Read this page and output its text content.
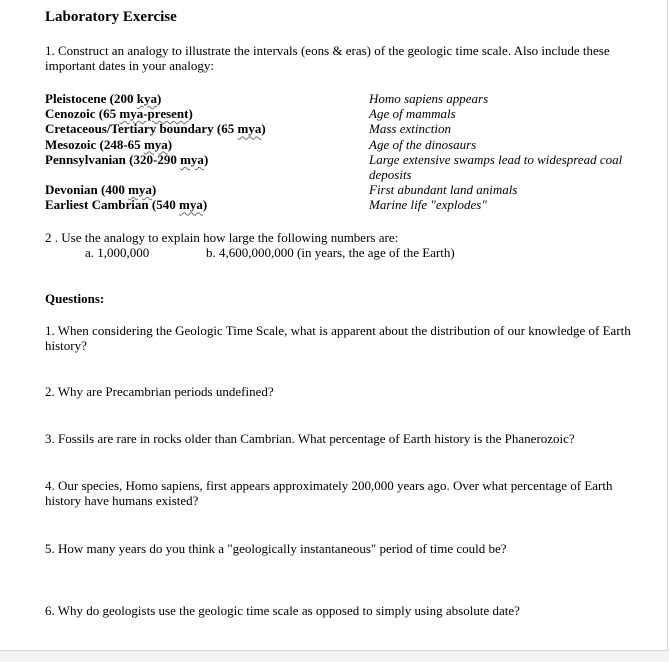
Laboratory Exercise
1. Construct an analogy to illustrate the intervals (eons & eras) of the geologic time scale. Also include these important dates in your analogy:
Pleistocene (200 kya)
Cenozoic (65 mya-present)
Cretaceous/Tertiary boundary (65 mya)
Mesozoic (248-65 mya)
Pennsylvanian (320-290 mya)
Devonian (400 mya)
Earliest Cambrian (540 mya)
Homo sapiens appears
Age of mammals
Mass extinction
Age of the dinosaurs
Large extensive swamps lead to widespread coal deposits
First abundant land animals
Marine life "explodes"
2 . Use the analogy to explain how large the following numbers are:
a. 1,000,000	b. 4,600,000,000 (in years, the age of the Earth)
Questions:
1. When considering the Geologic Time Scale, what is apparent about the distribution of our knowledge of Earth history?
2. Why are Precambrian periods undefined?
3. Fossils are rare in rocks older than Cambrian. What percentage of Earth history is the Phanerozoic?
4. Our species, Homo sapiens, first appears approximately 200,000 years ago. Over what percentage of Earth history have humans existed?
5. How many years do you think a "geologically instantaneous" period of time could be?
6. Why do geologists use the geologic time scale as opposed to simply using absolute date?
